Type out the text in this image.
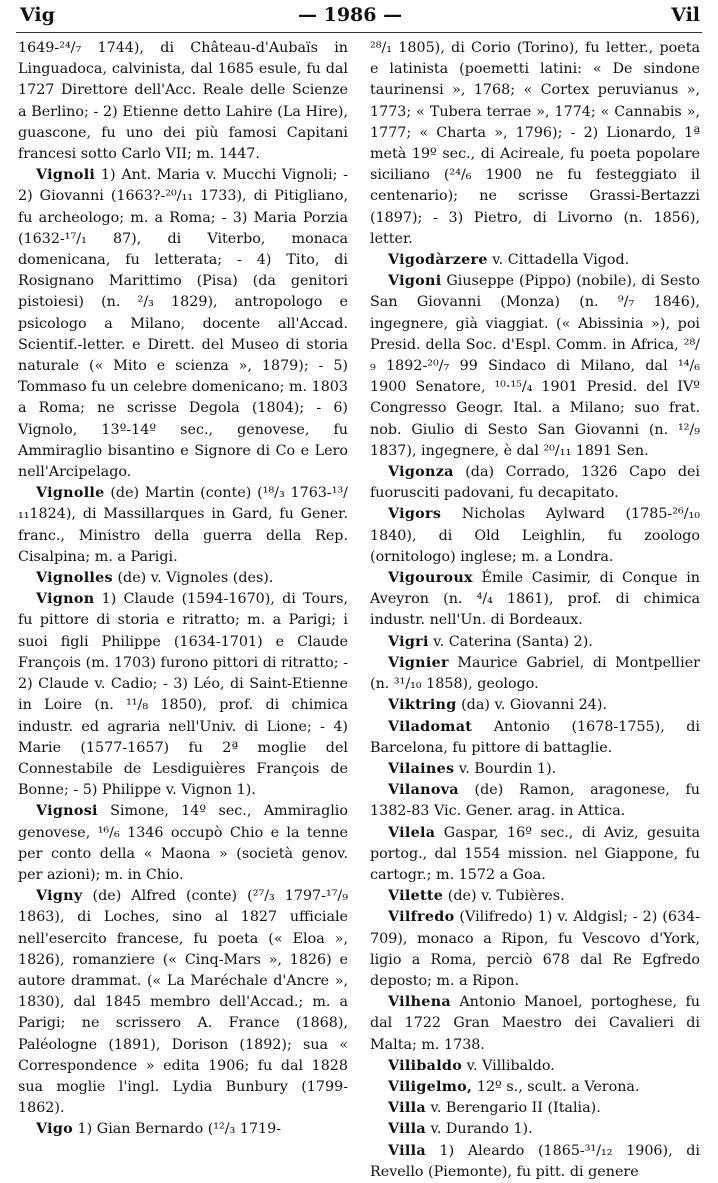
Vig	— 1986 —	Vil

1649-²⁴/₇ 1744), di Château-d'Aubaïs in Linguadoca, calvinista, dal 1685 esule, fu dal 1727 Direttore dell'Acc. Reale delle Scienze a Berlino; - 2) Etienne detto Lahire (La Hire), guascone, fu uno dei più famosi Capitani francesi sotto Carlo VII; m. 1447.

Vignoli 1) Ant. Maria v. Mucchi Vignoli; - 2) Giovanni (1663?-²⁰/₁₁ 1733), di Pitigliano, fu archeologo; m. a Roma; - 3) Maria Porzia (1632-¹⁷/₁ 87), di Viterbo, monaca domenicana, fu letterata; - 4) Tito, di Rosignano Marittimo (Pisa) (da genitori pistoiesi) (n. ²/₃ 1829), antropologo e psicologo a Milano, docente all'Accad. Scientif.-letter. e Dirett. del Museo di storia naturale (« Mito e scienza », 1879); - 5) Tommaso fu un celebre domenicano; m. 1803 a Roma; ne scrisse Degola (1804); - 6) Vignolo, 13º-14º sec., genovese, fu Ammiraglio bisantino e Signore di Co e Lero nell'Arcipelago.

Vignolle (de) Martin (conte) (¹⁸/₃ 1763-¹³/₁₁1824), di Massillarques in Gard, fu Gener. franc., Ministro della guerra della Rep. Cisalpina; m. a Parigi.

Vignolles (de) v. Vignoles (des).

Vignon 1) Claude (1594-1670), di Tours, fu pittore di storia e ritratto; m. a Parigi; i suoi figli Philippe (1634-1701) e Claude François (m. 1703) furono pittori di ritratto; - 2) Claude v. Cadio; - 3) Léo, di Saint-Etienne in Loire (n. ¹¹/₈ 1850), prof. di chimica industr. ed agraria nell'Univ. di Lione; - 4) Marie (1577-1657) fu 2ª moglie del Connestabile de Lesdiguières François de Bonne; - 5) Philippe v. Vignon 1).

Vignosi Simone, 14º sec., Ammiraglio genovese, ¹⁶/₆ 1346 occupò Chio e la tenne per conto della « Maona » (società genov. per azioni); m. in Chio.

Vigny (de) Alfred (conte) (²⁷/₃ 1797-¹⁷/₉ 1863), di Loches, sino al 1827 ufficiale nell'esercito francese, fu poeta (« Eloa », 1826), romanziere (« Cinq-Mars », 1826) e autore drammat. (« La Maréchale d'Ancre », 1830), dal 1845 membro dell'Accad.; m. a Parigi; ne scrissero A. France (1868), Paléologne (1891), Dorison (1892); sua « Correspondence » edita 1906; fu dal 1828 sua moglie l'ingl. Lydia Bunbury (1799-1862).

Vigo 1) Gian Bernardo (¹²/₃ 1719-

²⁸/₁ 1805), di Corio (Torino), fu letter., poeta e latinista (poemetti latini: « De sindone taurinensi », 1768; « Cortex peruvianus », 1773; « Tubera terrae », 1774; « Cannabis », 1777; « Charta », 1796); - 2) Lionardo, 1ª metà 19º sec., di Acireale, fu poeta popolare siciliano (²⁴/₆ 1900 ne fu festeggiato il centenario); ne scrisse Grassi-Bertazzi (1897); - 3) Pietro, di Livorno (n. 1856), letter.

Vigodàrzere v. Cittadella Vigod.

Vigoni Giuseppe (Pippo) (nobile), di Sesto San Giovanni (Monza) (n. ⁹/₇ 1846), ingegnere, già viaggiat. (« Abissinia »), poi Presid. della Soc. d'Espl. Comm. in Africa, ²⁸/₉ 1892-²⁰/₇ 99 Sindaco di Milano, dal ¹⁴/₆ 1900 Senatore, ¹⁰·¹⁵/₄ 1901 Presid. del IVº Congresso Geogr. Ital. a Milano; suo frat. nob. Giulio di Sesto San Giovanni (n. ¹²/₉ 1837), ingegnere, è dal ²⁰/₁₁ 1891 Sen.

Vigonza (da) Corrado, 1326 Capo dei fuorusciti padovani, fu decapitato.

Vigors Nicholas Aylward (1785-²⁶/₁₀ 1840), di Old Leighlin, fu zoologo (ornitologo) inglese; m. a Londra.

Vigouroux Émile Casimir, di Conque in Aveyron (n. ⁴/₄ 1861), prof. di chimica industr. nell'Un. di Bordeaux.

Vigri v. Caterina (Santa) 2).

Vignier Maurice Gabriel, di Montpellier (n. ³¹/₁₀ 1858), geologo.

Viktring (da) v. Giovanni 24).

Viladomat Antonio (1678-1755), di Barcelona, fu pittore di battaglie.

Vilaines v. Bourdin 1).

Vilanova (de) Ramon, aragonese, fu 1382-83 Vic. Gener. arag. in Attica.

Vilela Gaspar, 16º sec., di Aviz, gesuita portog., dal 1554 mission. nel Giappone, fu cartogr.; m. 1572 a Goa.

Vilette (de) v. Tubières.

Vilfredo (Vilifredo) 1) v. Aldgisl; - 2) (634-709), monaco a Ripon, fu Vescovo d'York, ligio a Roma, perciò 678 dal Re Egfredo deposto; m. a Ripon.

Vilhena Antonio Manoel, portoghese, fu dal 1722 Gran Maestro dei Cavalieri di Malta; m. 1738.

Vilibaldo v. Villibaldo.

Viligelmo, 12º s., scult. a Verona.

Villa v. Berengario II (Italia).

Villa v. Durando 1).

Villa 1) Aleardo (1865-³¹/₁₂ 1906), di Revello (Piemonte), fu pitt. di genere
